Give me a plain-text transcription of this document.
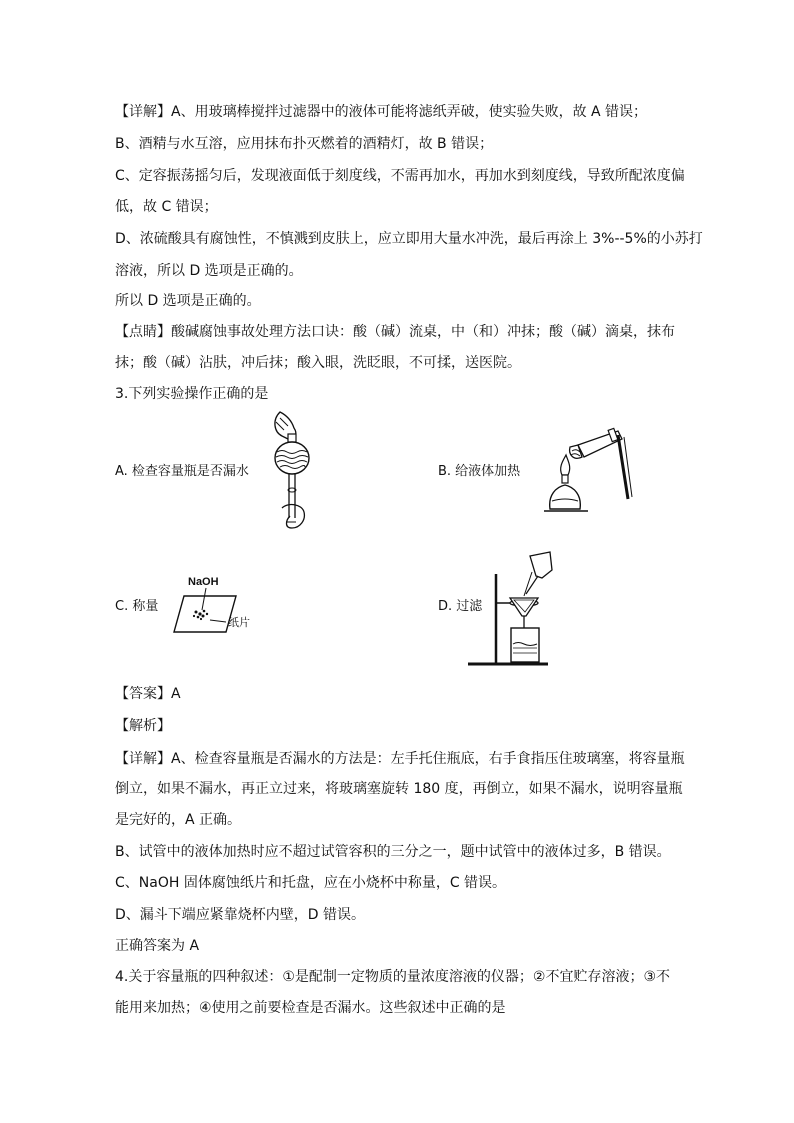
【详解】A、用玻璃棒搅拌过滤器中的液体可能将滤纸弄破，使实验失败，故 A 错误；
B、酒精与水互溶，应用抹布扑灭燃着的酒精灯，故 B 错误；
C、定容振荡摇匀后，发现液面低于刻度线，不需再加水，再加水到刻度线，导致所配浓度偏
低，故 C 错误；
D、浓硫酸具有腐蚀性，不慎溅到皮肤上，应立即用大量水冲洗，最后再涂上 3%--5%的小苏打
溶液，所以 D 选项是正确的。
所以 D 选项是正确的。
【点睛】酸碱腐蚀事故处理方法口诀：酸（碱）流桌，中（和）冲抹；酸（碱）滴桌，抹布
抹；酸（碱）沾肤，冲后抹；酸入眼，洗眨眼，不可揉，送医院。
3.下列实验操作正确的是
A. 检查容量瓶是否漏水	B. 给液体加热
C. 称量	D. 过滤
NaOH
纸片
【答案】A
【解析】
【详解】A、检查容量瓶是否漏水的方法是：左手托住瓶底，右手食指压住玻璃塞，将容量瓶
倒立，如果不漏水，再正立过来，将玻璃塞旋转 180 度，再倒立，如果不漏水，说明容量瓶
是完好的，A 正确。
B、试管中的液体加热时应不超过试管容积的三分之一，题中试管中的液体过多，B 错误。
C、NaOH 固体腐蚀纸片和托盘，应在小烧杯中称量，C 错误。
D、漏斗下端应紧靠烧杯内壁，D 错误。
正确答案为 A
4.关于容量瓶的四种叙述：①是配制一定物质的量浓度溶液的仪器；②不宜贮存溶液；③不
能用来加热；④使用之前要检查是否漏水。这些叙述中正确的是
